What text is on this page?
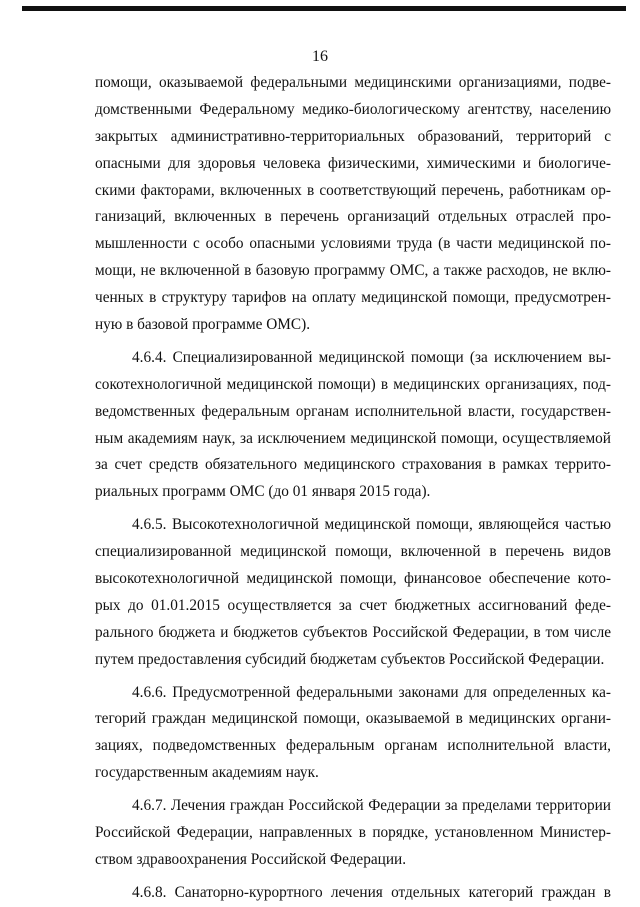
16
помощи, оказываемой федеральными медицинскими организациями, подве-
домственными Федеральному медико-биологическому агентству, населению
закрытых административно-территориальных образований, территорий с
опасными для здоровья человека физическими, химическими и биологиче-
скими факторами, включенных в соответствующий перечень, работникам ор-
ганизаций, включенных в перечень организаций отдельных отраслей про-
мышленности с особо опасными условиями труда (в части медицинской по-
мощи, не включенной в базовую программу ОМС, а также расходов, не вклю-
ченных в структуру тарифов на оплату медицинской помощи, предусмотрен-
ную в базовой программе ОМС).
4.6.4. Специализированной медицинской помощи (за исключением вы-
сокотехнологичной медицинской помощи) в медицинских организациях, под-
ведомственных федеральным органам исполнительной власти, государствен-
ным академиям наук, за исключением медицинской помощи, осуществляемой
за счет средств обязательного медицинского страхования в рамках террито-
риальных программ ОМС (до 01 января 2015 года).
4.6.5. Высокотехнологичной медицинской помощи, являющейся частью
специализированной медицинской помощи, включенной в перечень видов
высокотехнологичной медицинской помощи, финансовое обеспечение кото-
рых до 01.01.2015 осуществляется за счет бюджетных ассигнований феде-
рального бюджета и бюджетов субъектов Российской Федерации, в том числе
путем предоставления субсидий бюджетам субъектов Российской Федерации.
4.6.6. Предусмотренной федеральными законами для определенных ка-
тегорий граждан медицинской помощи, оказываемой в медицинских органи-
зациях, подведомственных федеральным органам исполнительной власти,
государственным академиям наук.
4.6.7. Лечения граждан Российской Федерации за пределами территории
Российской Федерации, направленных в порядке, установленном Министер-
ством здравоохранения Российской Федерации.
4.6.8. Санаторно-курортного лечения отдельных категорий граждан в
